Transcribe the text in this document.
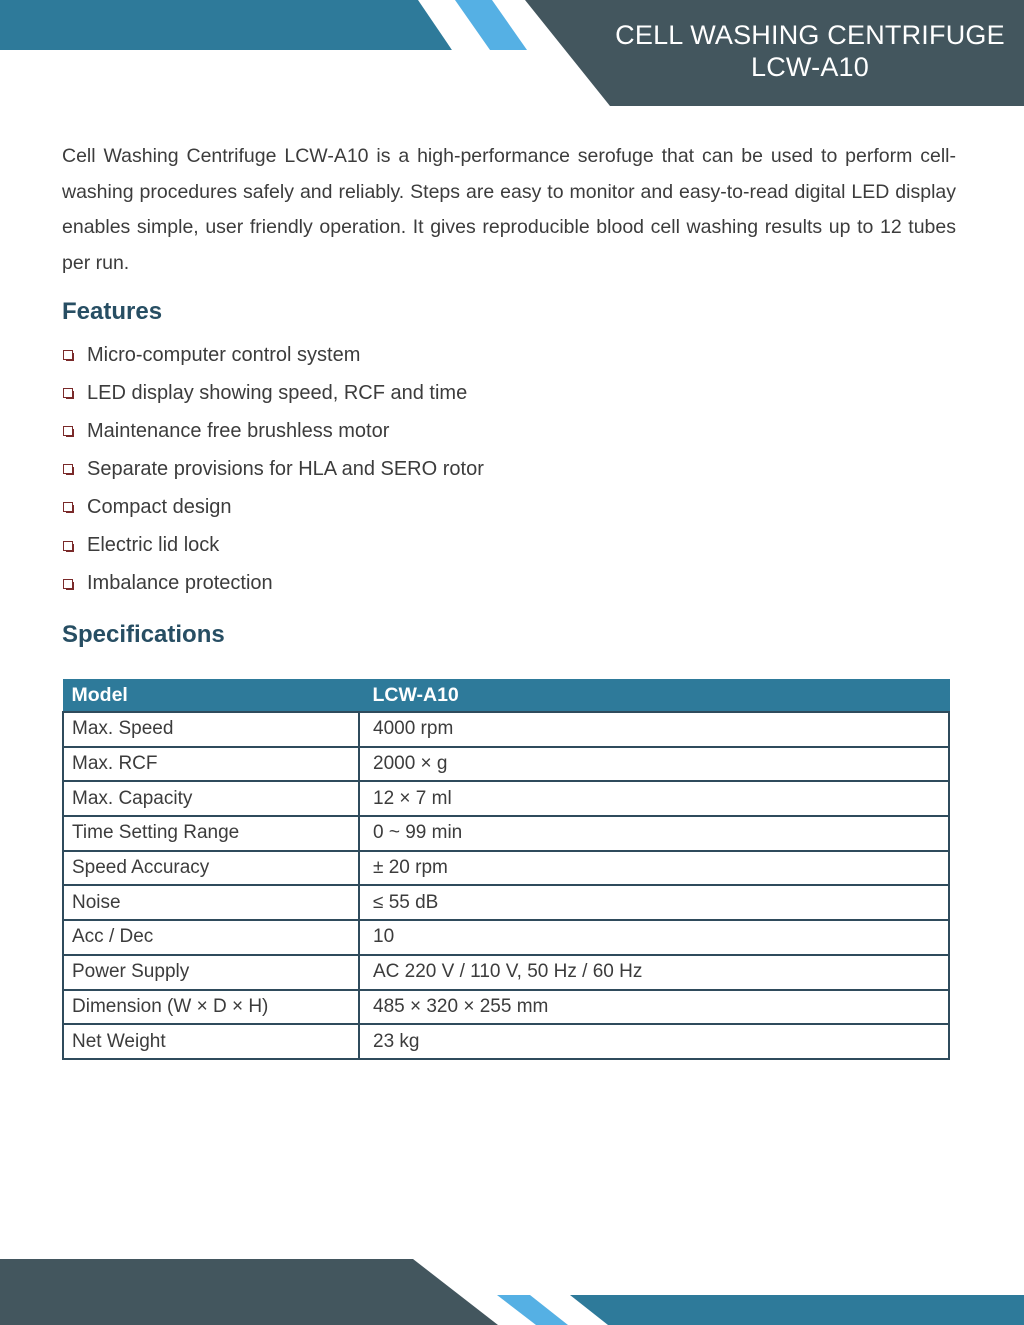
CELL WASHING CENTRIFUGE
LCW-A10

Cell Washing Centrifuge LCW-A10 is a high-performance serofuge that can be used to perform cell-washing procedures safely and reliably. Steps are easy to monitor and easy-to-read digital LED display enables simple, user friendly operation. It gives reproducible blood cell washing results up to 12 tubes per run.

Features
Micro-computer control system
LED display showing speed, RCF and time
Maintenance free brushless motor
Separate provisions for HLA and SERO rotor
Compact design
Electric lid lock
Imbalance protection
Specifications
Model	LCW-A10
Max. Speed	4000 rpm
Max. RCF	2000 × g
Max. Capacity	12 × 7 ml
Time Setting Range	0 ~ 99 min
Speed Accuracy	± 20 rpm
Noise	≤ 55 dB
Acc / Dec	10
Power Supply	AC 220 V / 110 V, 50 Hz / 60 Hz
Dimension (W × D × H)	485 × 320 × 255 mm
Net Weight	23 kg
